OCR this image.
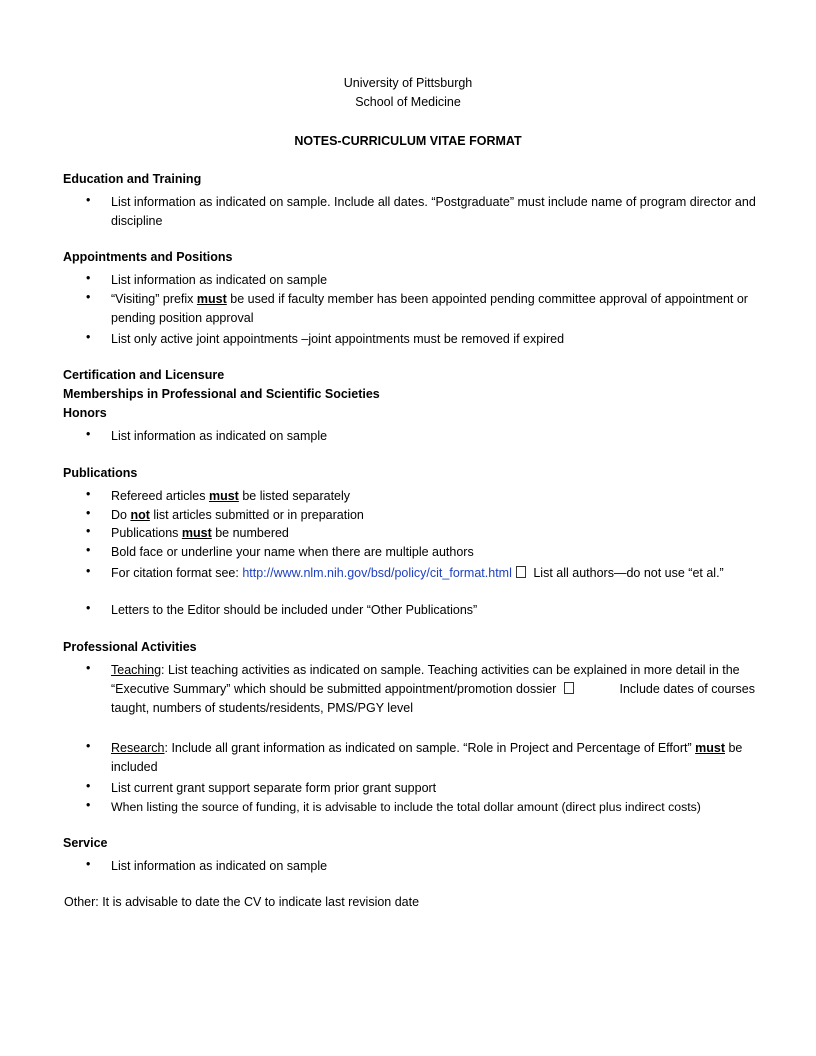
University of Pittsburgh
School of Medicine
NOTES-CURRICULUM VITAE FORMAT
Education and Training
• List information as indicated on sample. Include all dates. “Postgraduate” must include name of program director and discipline
Appointments and Positions
• List information as indicated on sample
• “Visiting” prefix must be used if faculty member has been appointed pending committee approval of appointment or pending position approval
• List only active joint appointments –joint appointments must be removed if expired
Certification and Licensure
Memberships in Professional and Scientific Societies
Honors
• List information as indicated on sample
Publications
• Refereed articles must be listed separately
• Do not list articles submitted or in preparation
• Publications must be numbered
• Bold face or underline your name when there are multiple authors
• For citation format see: http://www.nlm.nih.gov/bsd/policy/cit_format.html List all authors—do not use “et al.”
• Letters to the Editor should be included under “Other Publications”
Professional Activities
• Teaching: List teaching activities as indicated on sample. Teaching activities can be explained in more detail in the “Executive Summary” which should be submitted appointment/promotion dossier             Include dates of courses taught, numbers of students/residents, PMS/PGY level
• Research: Include all grant information as indicated on sample. “Role in Project and Percentage of Effort” must be included
• List current grant support separate form prior grant support
• When listing the source of funding, it is advisable to include the total dollar amount (direct plus indirect costs)
Service
• List information as indicated on sample
Other: It is advisable to date the CV to indicate last revision date
